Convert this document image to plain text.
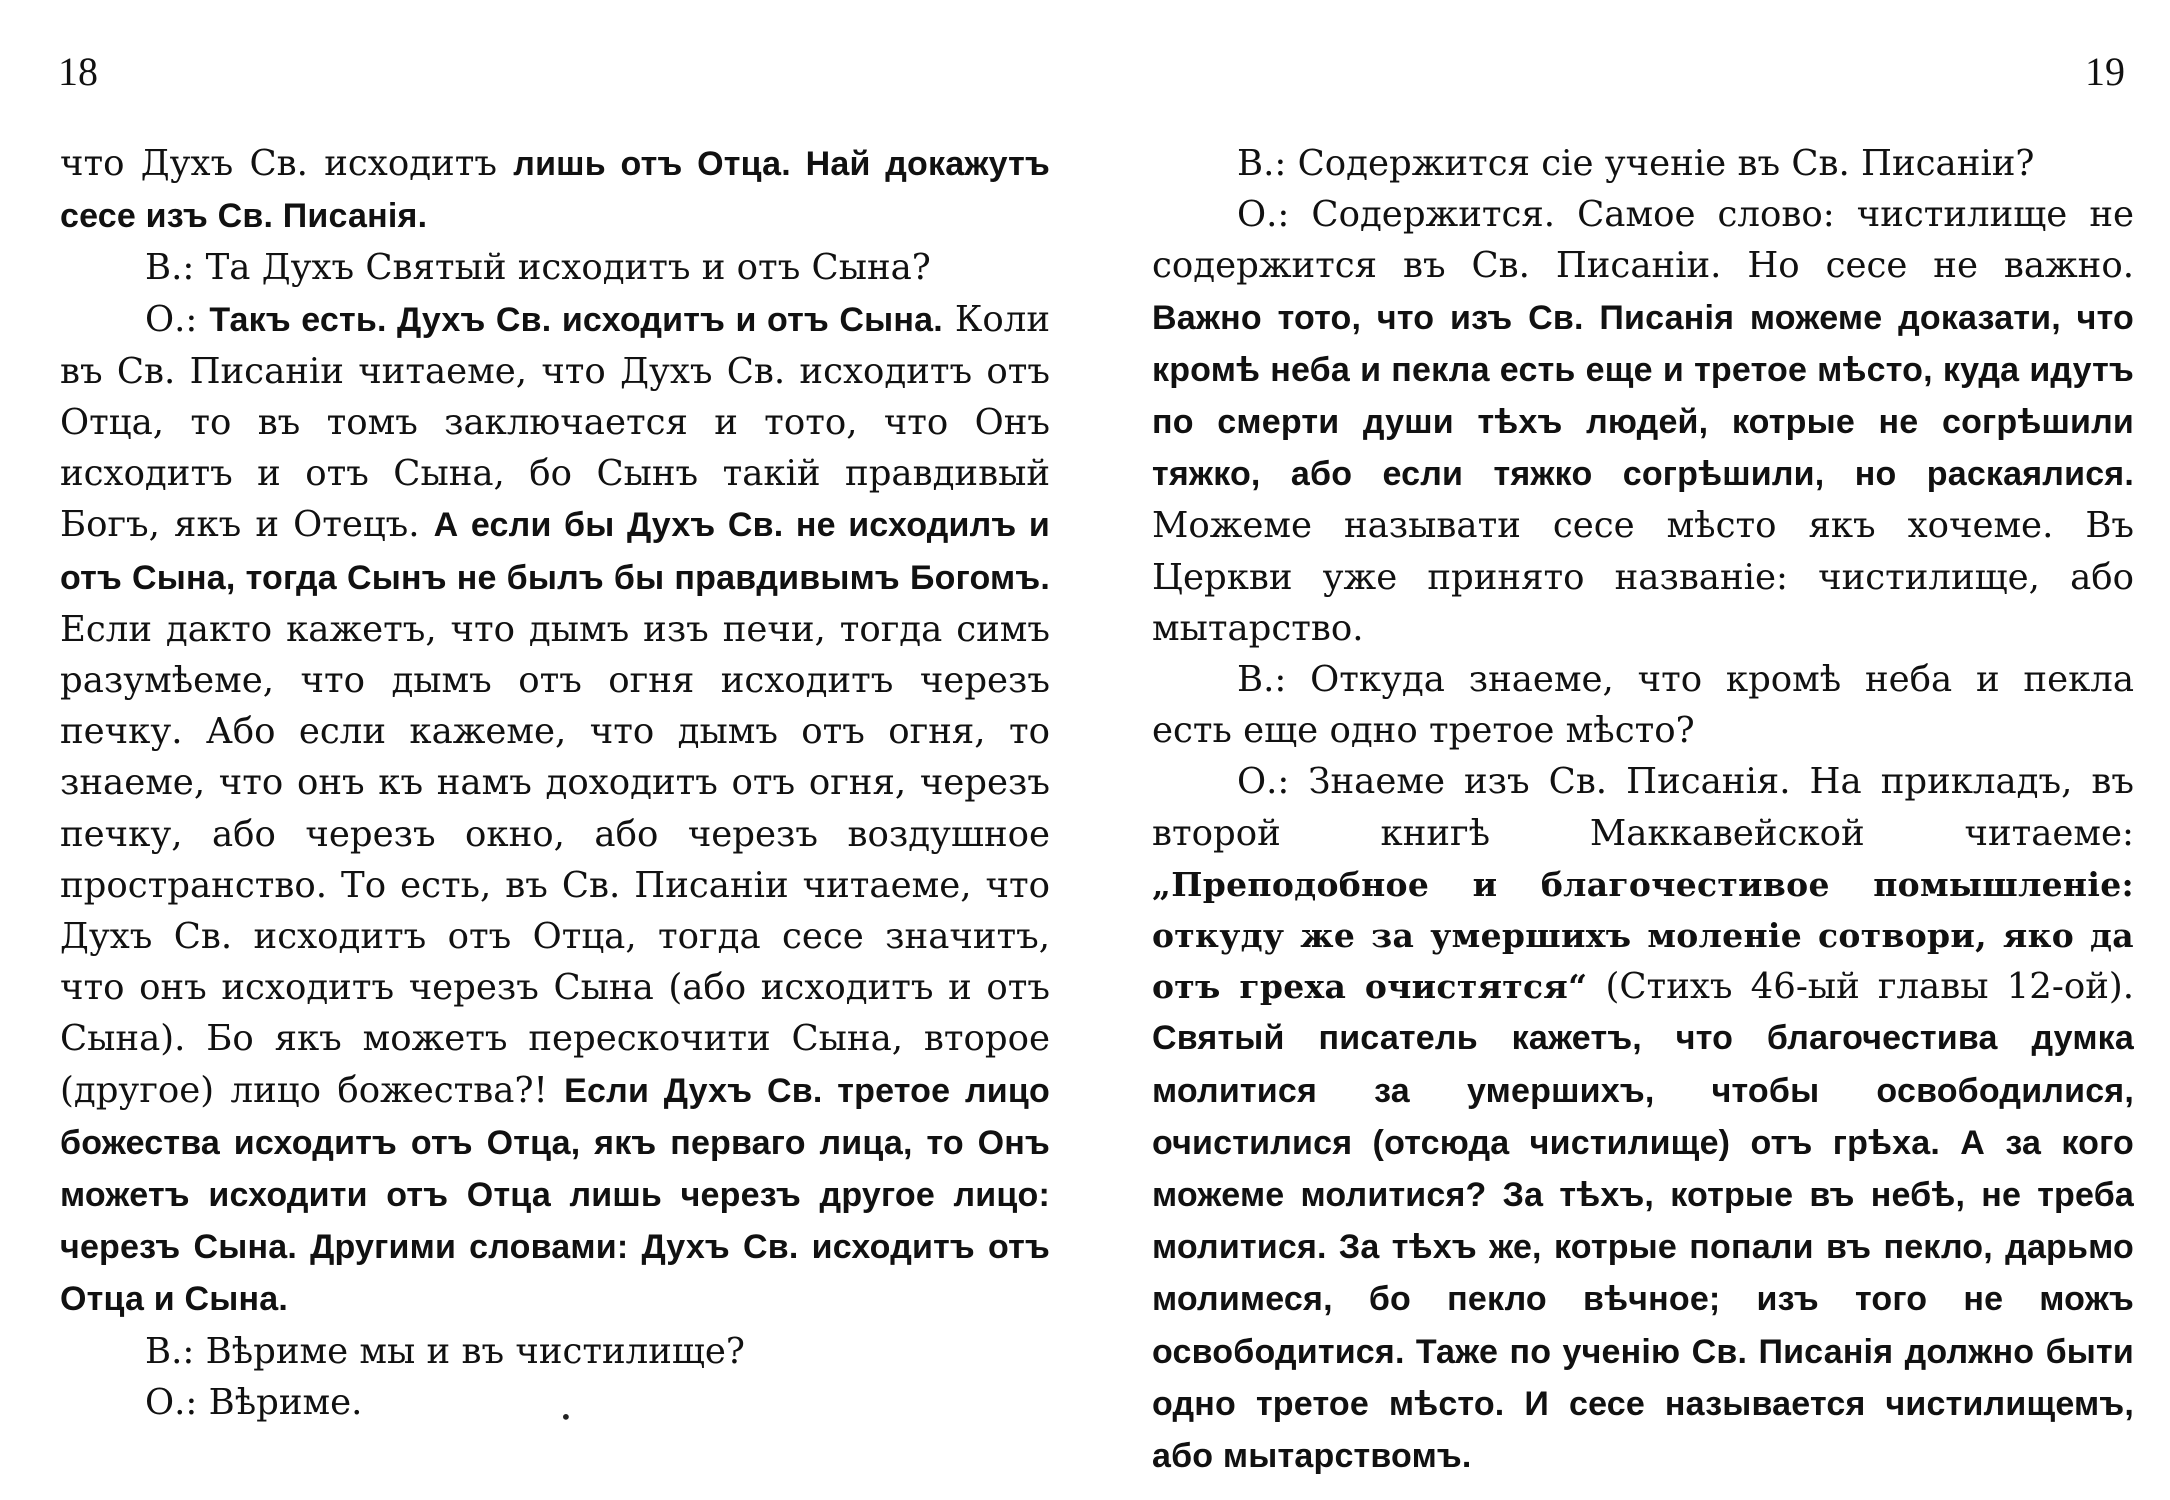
18	19

что Духъ Св. исходитъ лишь отъ Отца. Най докажутъ сесе изъ Св. Писанія.

В.: Та Духъ Святый исходитъ и отъ Сына?

О.: Такъ есть. Духъ Св. исходитъ и отъ Сына. Коли въ Св. Писанiи читаеме, что Духъ Св. исходитъ отъ Отца, то въ томъ заключается и тото, что Онъ исходитъ и отъ Сына, бо Сынъ такiй правдивый Богъ, якъ и Отецъ. А если бы Духъ Св. не исходилъ и отъ Сына, тогда Сынъ не былъ бы правдивымъ Богомъ. Если дакто кажетъ, что дымъ изъ печи, тогда симъ разумѣеме, что дымъ отъ огня исходитъ черезъ печку. Або если кажеме, что дымъ отъ огня, то знаеме, что онъ къ намъ доходитъ отъ огня, черезъ печку, або черезъ окно, або черезъ воздушное пространство. То есть, въ Св. Писанiи читаеме, что Духъ Св. исходитъ отъ Отца, тогда сесе значитъ, что онъ исходитъ черезъ Сына (або исходитъ и отъ Сына). Бо якъ можетъ перескочити Сына, второе (другое) лицо божества?! Если Духъ Св. третое лицо божества исходитъ отъ Отца, якъ перваго лица, то Онъ можетъ исходити отъ Отца лишь черезъ другое лицо: черезъ Сына. Другими словами: Духъ Св. исходитъ отъ Отца и Сына.

В.: Вѣриме мы и въ чистилище?

О.: Вѣриме.

В.: Содержится сiе ученiе въ Св. Писанiи?

О.: Содержится. Самое слово: чистилище не содержится въ Св. Писанiи. Но сесе не важно. Важно тото, что изъ Св. Писанія можеме доказати, что кромѣ неба и пекла есть еще и третое мѣсто, куда идутъ по смерти души тѣхъ людей, котрые не согрѣшили тяжко, або если тяжко согрѣшили, но раскаялися. Можеме называти сесе мѣсто якъ хочеме. Въ Церкви уже принято названiе: чистилище, або мытарство.

В.: Откуда знаеме, что кромѣ неба и пекла есть еще одно третое мѣсто?

О.: Знаеме изъ Св. Писанія. На прикладъ, въ второй книгѣ Маккавейской читаеме: „Преподобное и благочестивое помышленіе: откуду же за умершихъ моленіе сотвори, яко да отъ греха очистятся“ (Стихъ 46-ый главы 12-ой). Святый писатель кажетъ, что благочестива думка молитися за умершихъ, чтобы освободилися, очистилися (отсюда чистилище) отъ грѣха. А за кого можеме молитися? За тѣхъ, котрые въ небѣ, не треба молитися. За тѣхъ же, котрые попали въ пекло, дарьмо молимеся, бо пекло вѣчное; изъ того не можъ освободитися. Таже по ученію Св. Писанія должно быти одно третое мѣсто. И сесе называется чистилищемъ, або мытарствомъ.

•
